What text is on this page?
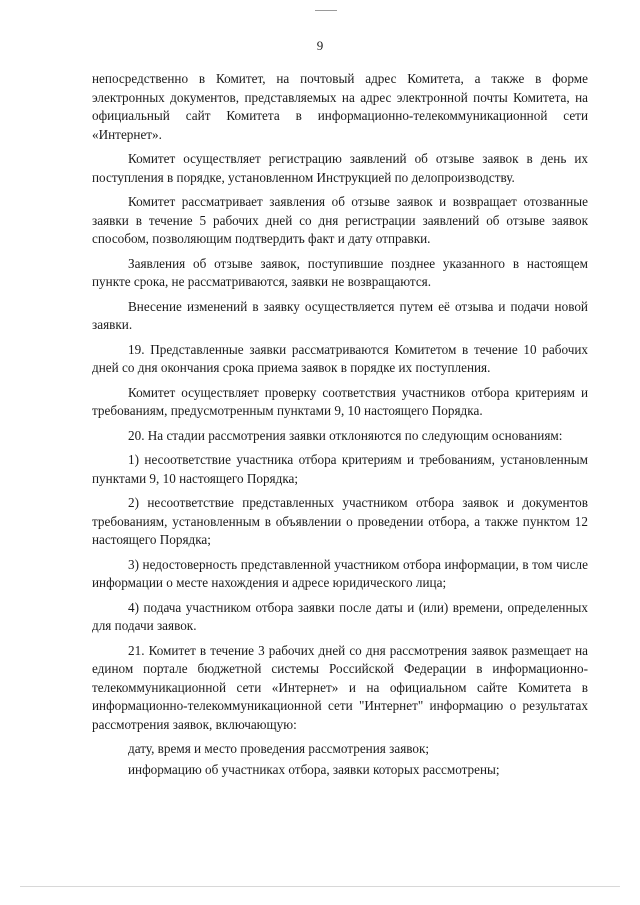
9

непосредственно в Комитет, на почтовый адрес Комитета, а также в форме электронных документов, представляемых на адрес электронной почты Комитета, на официальный сайт Комитета в информационно-телекоммуникационной сети «Интернет».

Комитет осуществляет регистрацию заявлений об отзыве заявок в день их поступления в порядке, установленном Инструкцией по делопроизводству.

Комитет рассматривает заявления об отзыве заявок и возвращает отозванные заявки в течение 5 рабочих дней со дня регистрации заявлений об отзыве заявок способом, позволяющим подтвердить факт и дату отправки.

Заявления об отзыве заявок, поступившие позднее указанного в настоящем пункте срока, не рассматриваются, заявки не возвращаются.

Внесение изменений в заявку осуществляется путем её отзыва и подачи новой заявки.

19. Представленные заявки рассматриваются Комитетом в течение 10 рабочих дней со дня окончания срока приема заявок в порядке их поступления.

Комитет осуществляет проверку соответствия участников отбора критериям и требованиям, предусмотренным пунктами 9, 10 настоящего Порядка.

20. На стадии рассмотрения заявки отклоняются по следующим основаниям:

1) несоответствие участника отбора критериям и требованиям, установленным пунктами 9, 10 настоящего Порядка;

2) несоответствие представленных участником отбора заявок и документов требованиям, установленным в объявлении о проведении отбора, а также пунктом 12 настоящего Порядка;

3) недостоверность представленной участником отбора информации, в том числе информации о месте нахождения и адресе юридического лица;

4) подача участником отбора заявки после даты и (или) времени, определенных для подачи заявок.

21. Комитет в течение 3 рабочих дней со дня рассмотрения заявок размещает на едином портале бюджетной системы Российской Федерации в информационно-телекоммуникационной сети «Интернет» и на официальном сайте Комитета в информационно-телекоммуникационной сети "Интернет" информацию о результатах рассмотрения заявок, включающую:

дату, время и место проведения рассмотрения заявок;

информацию об участниках отбора, заявки которых рассмотрены;
